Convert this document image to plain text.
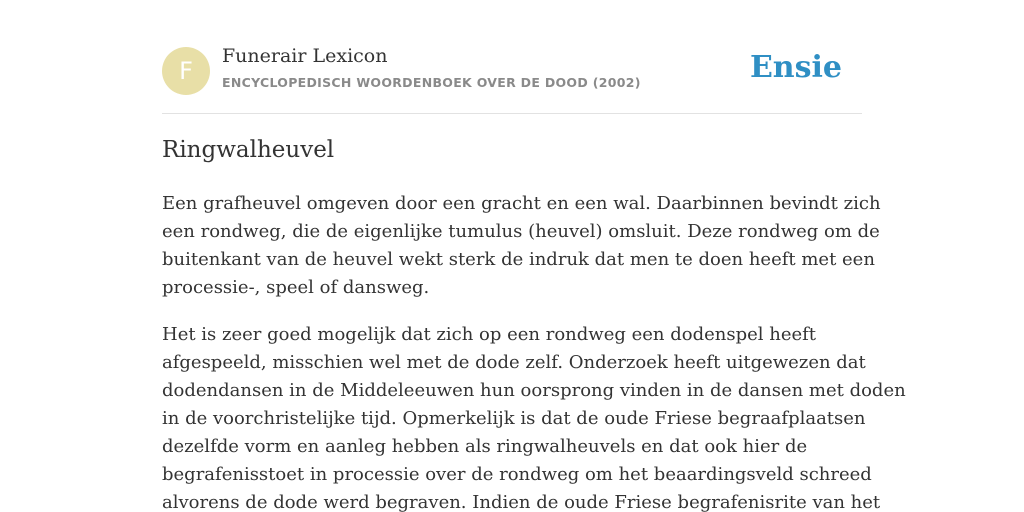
F
Funerair Lexicon
ENCYCLOPEDISCH WOORDENBOEK OVER DE DOOD (2002)	Ensie
Ringwalheuvel

Een grafheuvel omgeven door een gracht en een wal. Daarbinnen bevindt zich
een rondweg, die de eigenlijke tumulus (heuvel) omsluit. Deze rondweg om de
buitenkant van de heuvel wekt sterk de indruk dat men te doen heeft met een
processie-, speel of dansweg.

Het is zeer goed mogelijk dat zich op een rondweg een dodenspel heeft
afgespeeld, misschien wel met de dode zelf. Onderzoek heeft uitgewezen dat
dodendansen in de Middeleeuwen hun oorsprong vinden in de dansen met doden
in de voorchristelijke tijd. Opmerkelijk is dat de oude Friese begraafplaatsen
dezelfde vorm en aanleg hebben als ringwalheuvels en dat ook hier de
begrafenisstoet in processie over de rondweg om het beaardingsveld schreed
alvorens de dode werd begraven. Indien de oude Friese begrafenisrite van het
